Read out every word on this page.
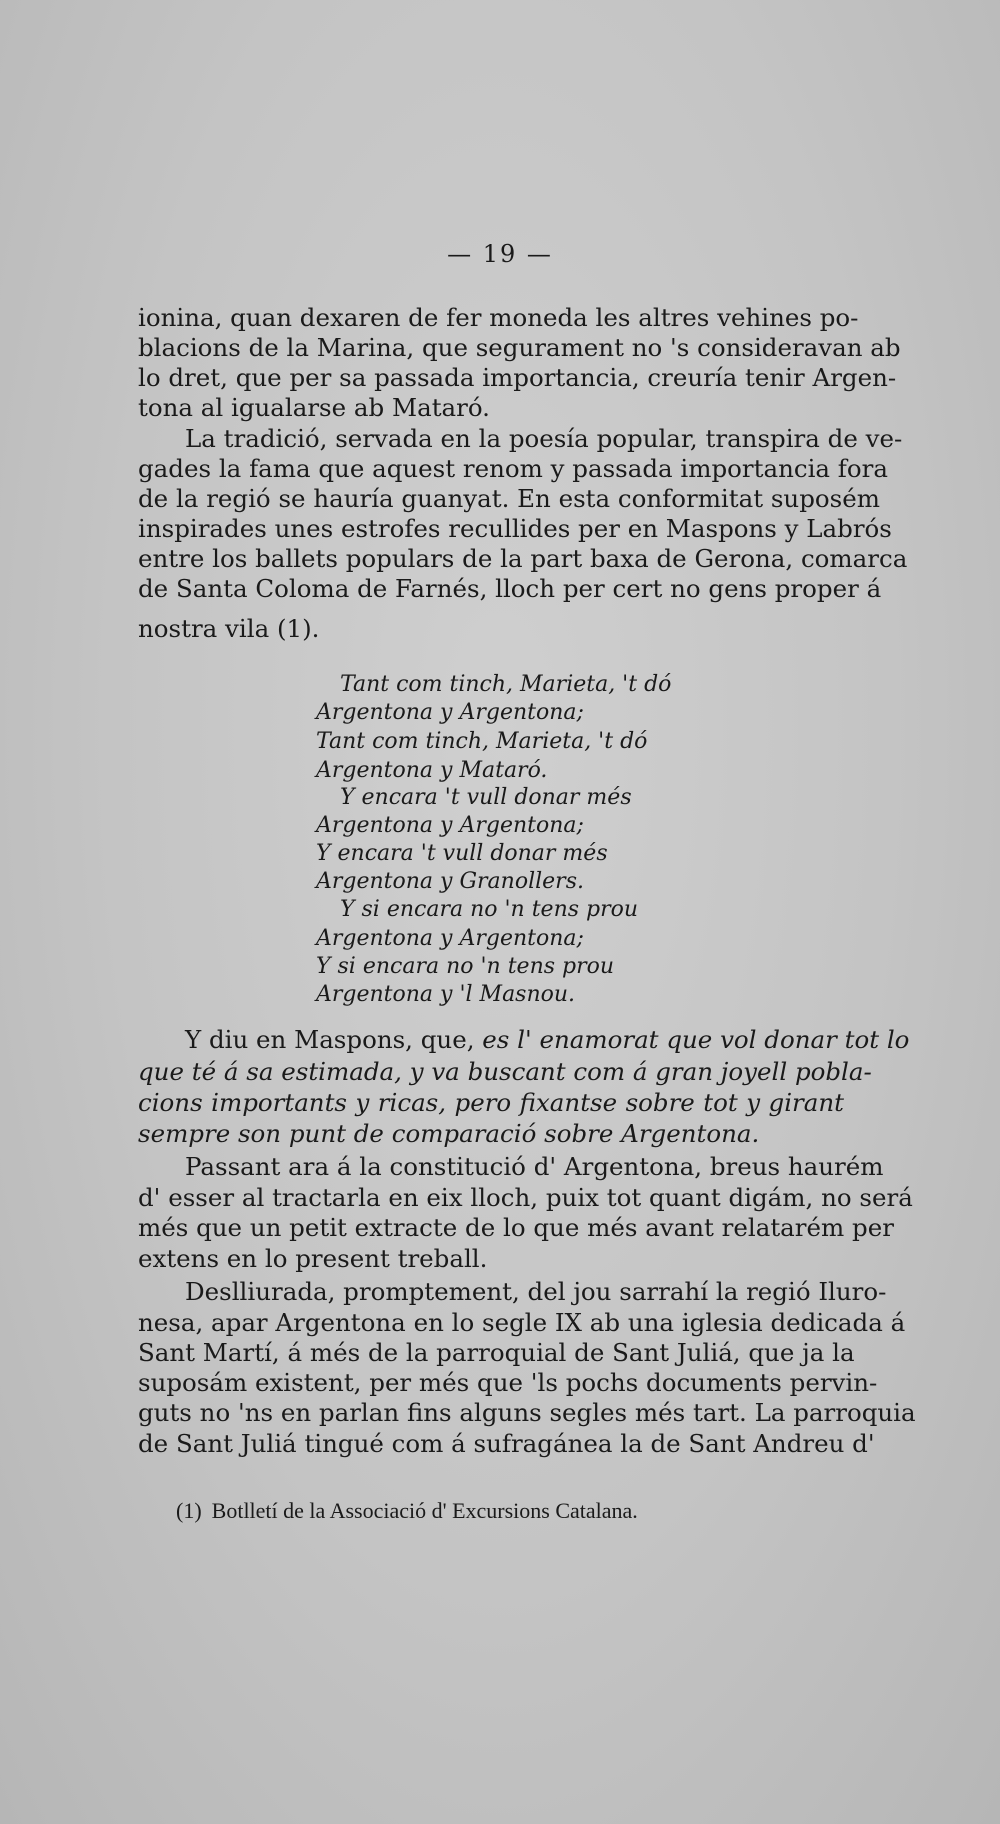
— 19 —
ionina, quan dexaren de fer moneda les altres vehines po-
blacions de la Marina, que segurament no 's consideravan ab
lo dret, que per sa passada importancia, creuría tenir Argen-
tona al igualarse ab Mataró.
La tradició, servada en la poesía popular, transpira de ve-
gades la fama que aquest renom y passada importancia fora
de la regió se hauría guanyat. En esta conformitat suposém
inspirades unes estrofes recullides per en Maspons y Labrós
entre los ballets populars de la part baxa de Gerona, comarca
de Santa Coloma de Farnés, lloch per cert no gens proper á
nostra vila (1).
Tant com tinch, Marieta, 't dó
Argentona y Argentona;
Tant com tinch, Marieta, 't dó
Argentona y Mataró.
Y encara 't vull donar més
Argentona y Argentona;
Y encara 't vull donar més
Argentona y Granollers.
Y si encara no 'n tens prou
Argentona y Argentona;
Y si encara no 'n tens prou
Argentona y 'l Masnou.
Y diu en Maspons, que, es l' enamorat que vol donar tot lo
que té á sa estimada, y va buscant com á gran joyell pobla-
cions importants y ricas, pero fixantse sobre tot y girant
sempre son punt de comparació sobre Argentona.
Passant ara á la constitució d' Argentona, breus haurém
d' esser al tractarla en eix lloch, puix tot quant digám, no será
més que un petit extracte de lo que més avant relatarém per
extens en lo present treball.
Deslliurada, promptement, del jou sarrahí la regió Iluro-
nesa, apar Argentona en lo segle IX ab una iglesia dedicada á
Sant Martí, á més de la parroquial de Sant Juliá, que ja la
suposám existent, per més que 'ls pochs documents pervin-
guts no 'ns en parlan fins alguns segles més tart. La parroquia
de Sant Juliá tingué com á sufragánea la de Sant Andreu d'
(1) Botlletí de la Associació d' Excursions Catalana.
